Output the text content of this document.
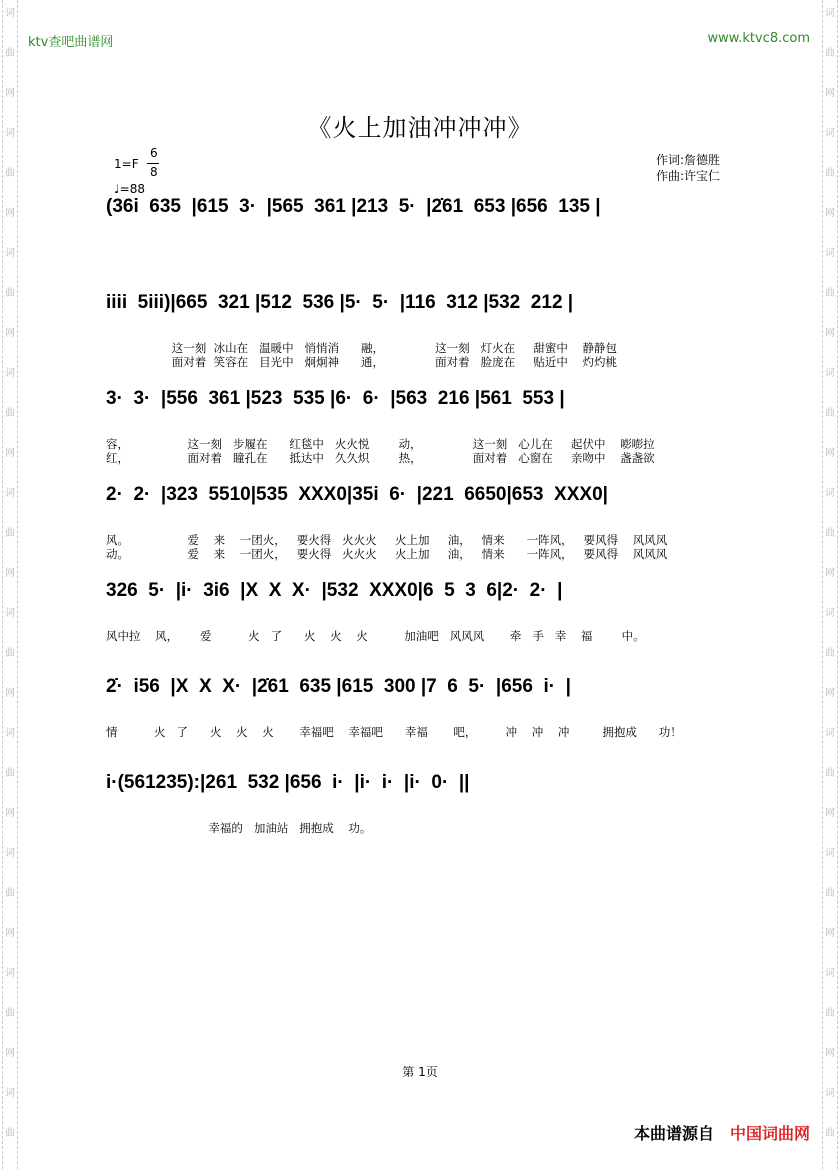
词
曲
网
词
曲
网
词
曲
网
词
曲
网
词
曲
网
词
曲
网
词
曲
网
词
曲
网
词
曲
网
词
曲
词
曲
网
词
曲
网
词
曲
网
词
曲
网
词
曲
网
词
曲
网
词
曲
网
词
曲
网
词
曲
网
词
曲
ktv查吧曲谱网	www.ktvc8.com
《火上加油冲冲冲》
1=F
6
8
♩=88
作词:詹德胜
作曲:许宝仁
(36i  635  |615  3·  |565  361 |213  5·  |2̇61  653 |656  135 |
iiii  5iii)|665  321 |512  536 |5·  5·  |116  312 |532  212 |
这一刻  冰山在   温暖中   悄悄消      融，              这一刻   灯火在     甜蜜中    静静包
面对着  笑容在   目光中   炯炯神      通，              面对着   脸庞在     贴近中    灼灼桃
3·  3·  |556  361 |523  535 |6·  6·  |563  216 |561  553 |
容，                这一刻   步履在      红毯中   火火悦        动，              这一刻   心儿在     起伏中    嘭嘭拉
红，                面对着   瞳孔在      抵达中   久久炽        热，              面对着   心窗在     亲吻中    盏盏欲
2·  2·  |323  5510|535  XXX0|35i  6·  |221  6650|653  XXX0|
风。                爱    来    一团火，   要火得   火火火     火上加     油，   情来      一阵风，   要风得    风风风
动。                爱    来    一团火，   要火得   火火火     火上加     油，   情来      一阵风，   要风得    风风风
326  5·  |i·  3i6  |X  X  X·  |532  XXX0|6  5  3  6|2·  2·  |
风中拉    风，      爱          火   了      火    火    火          加油吧   风风风       牵   手   幸    福        中。
2̇·  i56  |X  X  X·  |2̇61  635 |615  300 |7  6  5·  |656  i·  |
情          火   了      火    火    火       幸福吧    幸福吧      幸福       吧，        冲    冲    冲         拥抱成      功！
i·(561235):|261  532 |656  i·  |i·  i·  |i·  0·  ||
幸福的   加油站   拥抱成    功。
第 1页
本曲谱源自 中国词曲网
